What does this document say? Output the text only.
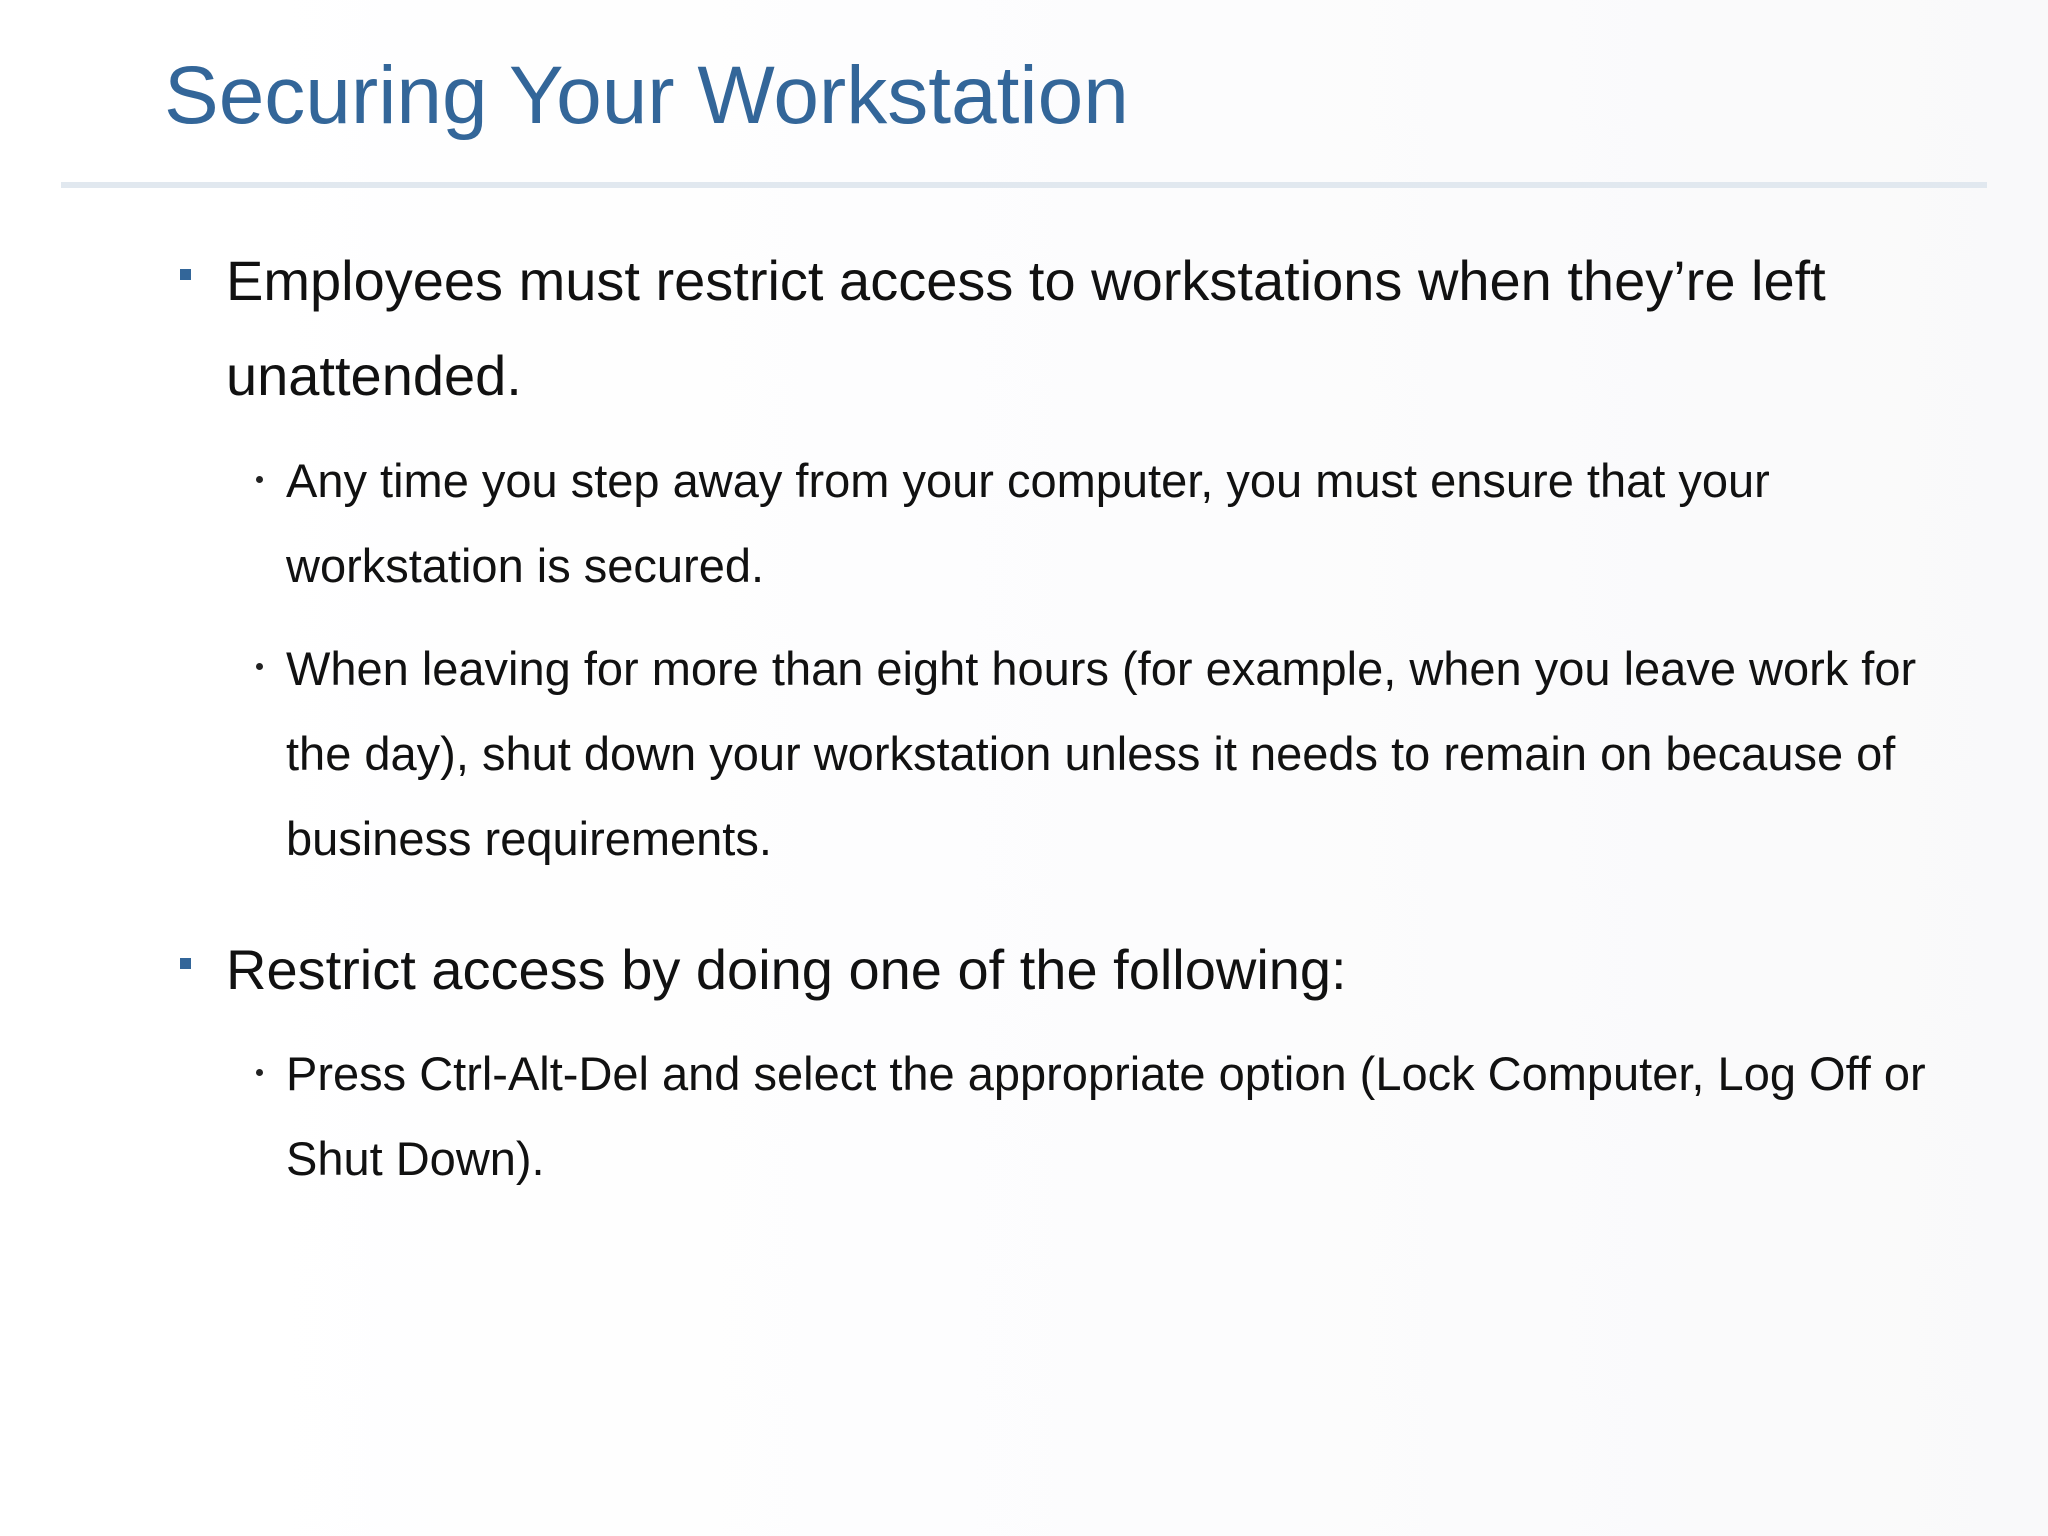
Securing Your Workstation
Employees must restrict access to workstations when they’re left unattended.
Any time you step away from your computer, you must ensure that your workstation is secured.
When leaving for more than eight hours (for example, when you leave work for the day), shut down your workstation unless it needs to remain on because of business requirements.
Restrict access by doing one of the following:
Press Ctrl-Alt-Del and select the appropriate option (Lock Computer, Log Off or Shut Down).
